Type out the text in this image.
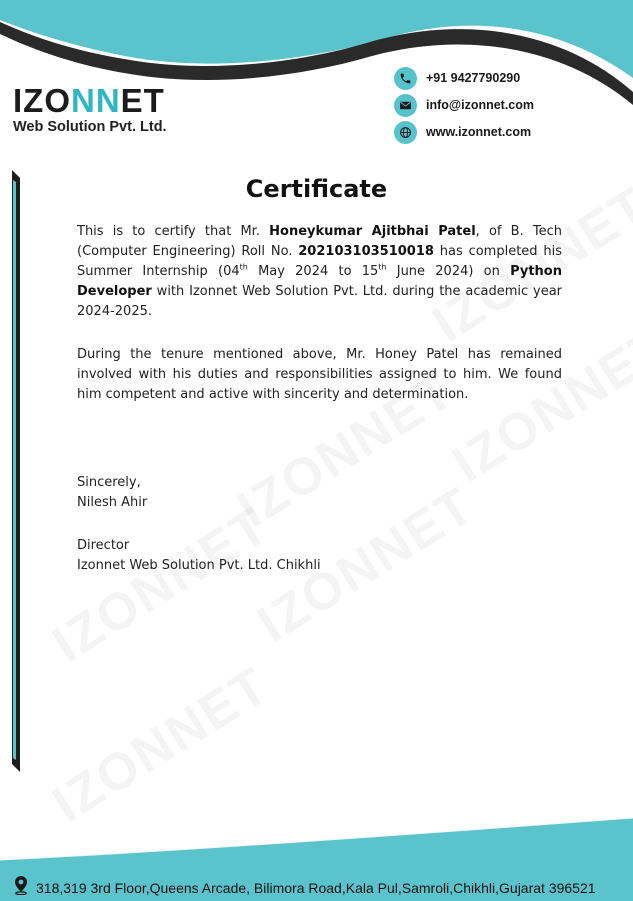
IZONNET
Web Solution Pvt. Ltd.
+91 9427790290
info@izonnet.com
www.izonnet.com
Certificate
This is to certify that Mr. Honeykumar Ajitbhai Patel, of B. Tech (Computer Engineering) Roll No. 202103103510018 has completed his Summer Internship (04th May 2024 to 15th June 2024) on Python Developer with Izonnet Web Solution Pvt. Ltd. during the academic year 2024-2025.
During the tenure mentioned above, Mr. Honey Patel has remained involved with his duties and responsibilities assigned to him. We found him competent and active with sincerity and determination.
Sincerely,
Nilesh Ahir
Director
Izonnet Web Solution Pvt. Ltd. Chikhli
318,319 3rd Floor,Queens Arcade, Bilimora Road,Kala Pul,Samroli,Chikhli,Gujarat 396521
